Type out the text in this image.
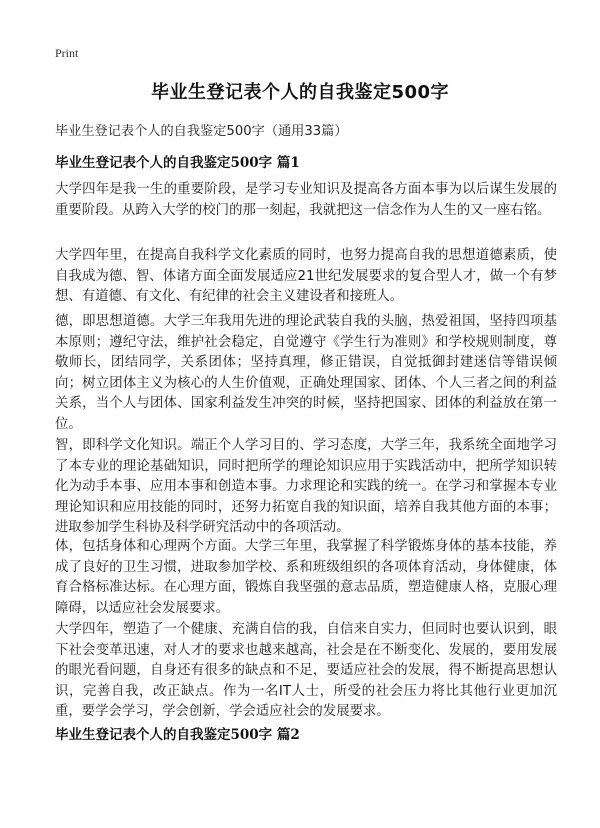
Print
毕业生登记表个人的自我鉴定500字
毕业生登记表个人的自我鉴定500字（通用33篇）
毕业生登记表个人的自我鉴定500字 篇1
大学四年是我一生的重要阶段，是学习专业知识及提高各方面本事为以后谋生发展的重要阶段。从跨入大学的校门的那一刻起，我就把这一信念作为人生的又一座右铭。
大学四年里，在提高自我科学文化素质的同时，也努力提高自我的思想道德素质，使自我成为德、智、体诸方面全面发展适应21世纪发展要求的复合型人才，做一个有梦想、有道德、有文化、有纪律的社会主义建设者和接班人。
德，即思想道德。大学三年我用先进的理论武装自我的头脑，热爱祖国，坚持四项基本原则；遵纪守法，维护社会稳定，自觉遵守《学生行为准则》和学校规则制度，尊敬师长，团结同学，关系团体；坚持真理，修正错误，自觉抵御封建迷信等错误倾向；树立团体主义为核心的人生价值观，正确处理国家、团体、个人三者之间的利益关系，当个人与团体、国家利益发生冲突的时候，坚持把国家、团体的利益放在第一位。
智，即科学文化知识。端正个人学习目的、学习态度，大学三年，我系统全面地学习了本专业的理论基础知识，同时把所学的理论知识应用于实践活动中，把所学知识转化为动手本事、应用本事和创造本事。力求理论和实践的统一。在学习和掌握本专业理论知识和应用技能的同时，还努力拓宽自我的知识面，培养自我其他方面的本事；进取参加学生科协及科学研究活动中的各项活动。
体，包括身体和心理两个方面。大学三年里，我掌握了科学锻炼身体的基本技能，养成了良好的卫生习惯，进取参加学校、系和班级组织的各项体育活动，身体健康，体育合格标准达标。在心理方面，锻炼自我坚强的意志品质，塑造健康人格，克服心理障碍，以适应社会发展要求。
大学四年，塑造了一个健康、充满自信的我，自信来自实力，但同时也要认识到，眼下社会变革迅速，对人才的要求也越来越高，社会是在不断变化、发展的，要用发展的眼光看问题，自身还有很多的缺点和不足，要适应社会的发展，得不断提高思想认识，完善自我，改正缺点。作为一名IT人士，所受的社会压力将比其他行业更加沉重，要学会学习，学会创新，学会适应社会的发展要求。
毕业生登记表个人的自我鉴定500字 篇2
